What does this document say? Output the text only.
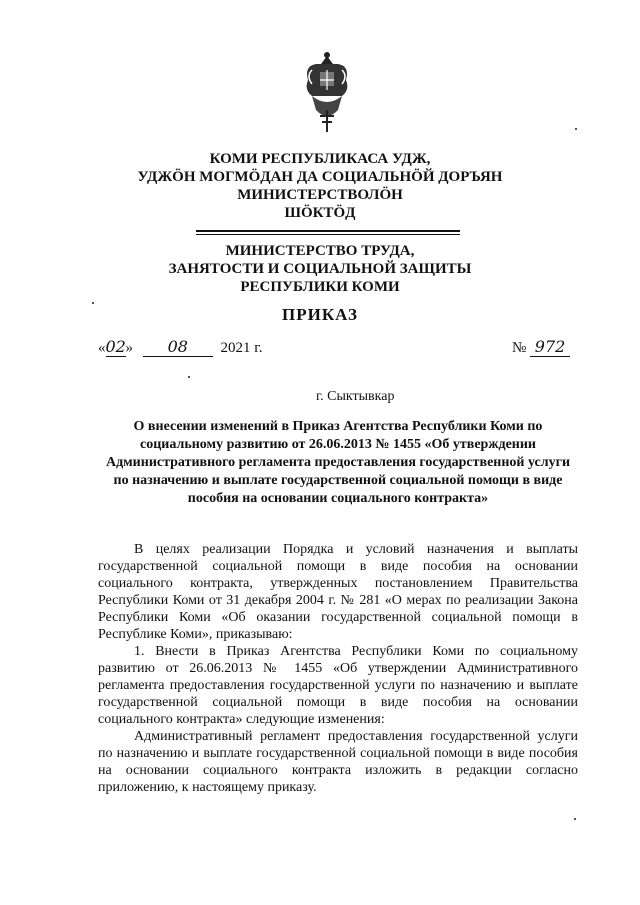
КОМИ РЕСПУБЛИКАСА УДЖ,
УДЖӦН МОГМӦДАН ДА СОЦИАЛЬНӦЙ ДОРЪЯН
МИНИСТЕРСТВОЛӦН
ШӦКТӦД
МИНИСТЕРСТВО ТРУДА,
ЗАНЯТОСТИ И СОЦИАЛЬНОЙ ЗАЩИТЫ
РЕСПУБЛИКИ КОМИ
ПРИКАЗ
«02» 08 2021 г.	№ 972
г. Сыктывкар
О внесении изменений в Приказ Агентства Республики Коми по социальному развитию от 26.06.2013 № 1455 «Об утверждении Административного регламента предоставления государственной услуги по назначению и выплате государственной социальной помощи в виде пособия на основании социального контракта»

В целях реализации Порядка и условий назначения и выплаты государственной социальной помощи в виде пособия на основании социального контракта, утвержденных постановлением Правительства Республики Коми от 31 декабря 2004 г. № 281 «О мерах по реализации Закона Республики Коми «Об оказании государственной социальной помощи в Республике Коми», приказываю:

1. Внести в Приказ Агентства Республики Коми по социальному развитию от 26.06.2013 № 1455 «Об утверждении Административного регламента предоставления государственной услуги по назначению и выплате государственной социальной помощи в виде пособия на основании социального контракта» следующие изменения:

Административный регламент предоставления государственной услуги по назначению и выплате государственной социальной помощи в виде пособия на основании социального контракта изложить в редакции согласно приложению, к настоящему приказу.
